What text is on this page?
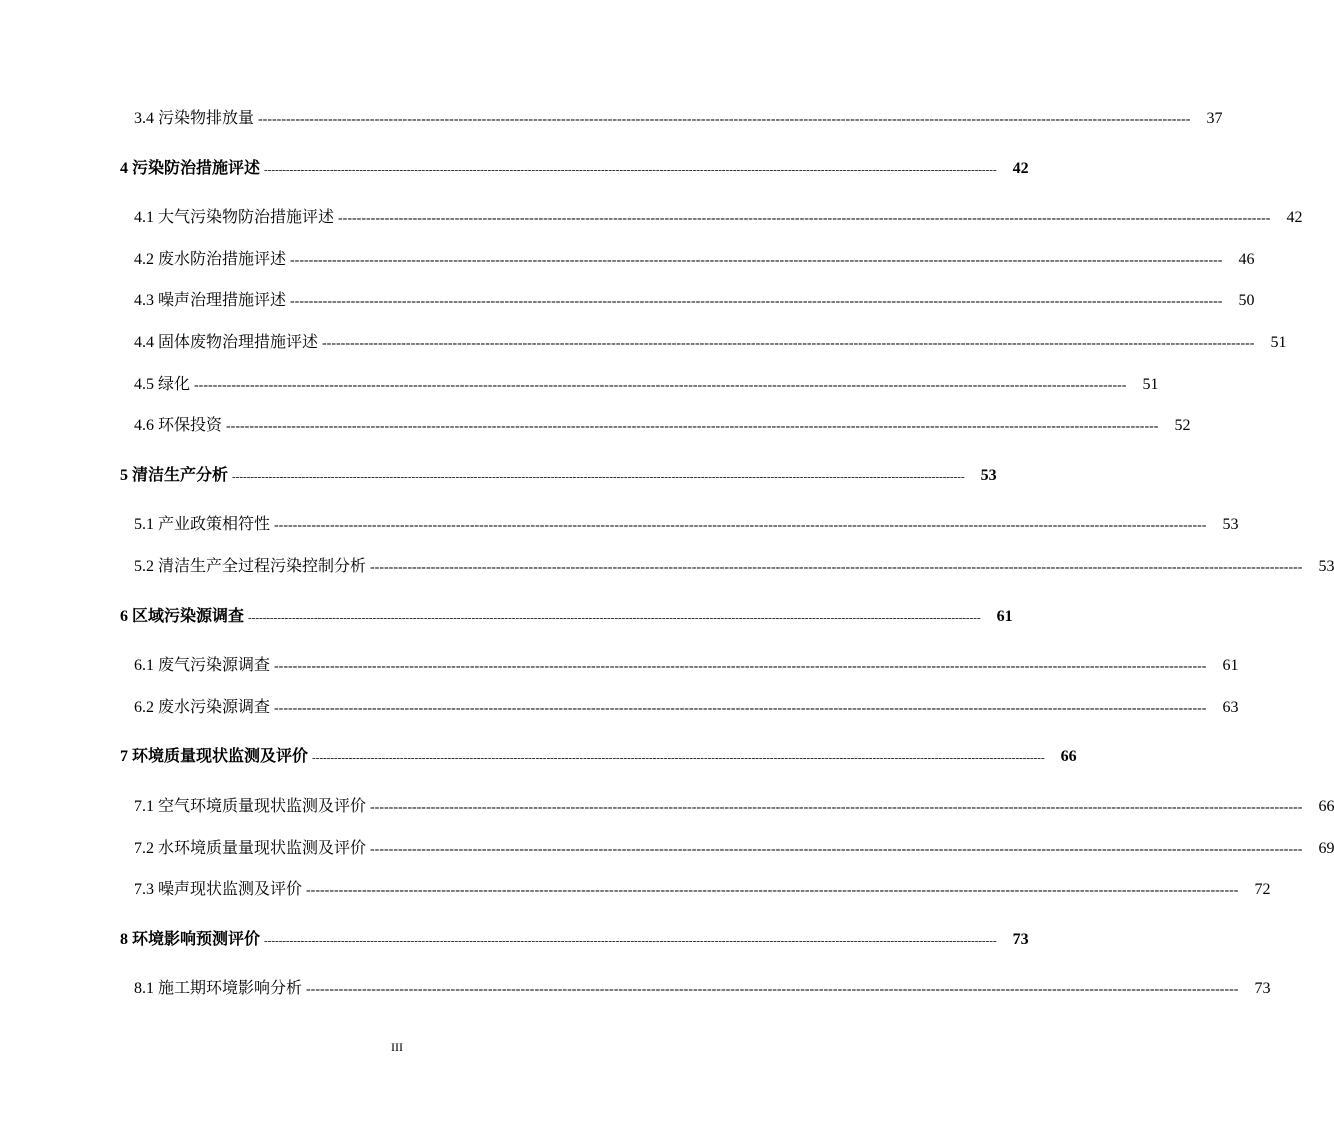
3.4 污染物排放量 --------------------------------------------------------------------------------------------------------------------------------------------------------------------------------------------------------	37
4 污染防治措施评述 --------------------------------------------------------------------------------------------------------------------------------------------------------------------------------------------------------	42
4.1 大气污染物防治措施评述 --------------------------------------------------------------------------------------------------------------------------------------------------------------------------------------------------------	42
4.2 废水防治措施评述 --------------------------------------------------------------------------------------------------------------------------------------------------------------------------------------------------------	46
4.3 噪声治理措施评述 --------------------------------------------------------------------------------------------------------------------------------------------------------------------------------------------------------	50
4.4 固体废物治理措施评述 --------------------------------------------------------------------------------------------------------------------------------------------------------------------------------------------------------	51
4.5 绿化 --------------------------------------------------------------------------------------------------------------------------------------------------------------------------------------------------------	51
4.6 环保投资 --------------------------------------------------------------------------------------------------------------------------------------------------------------------------------------------------------	52
5 清洁生产分析 --------------------------------------------------------------------------------------------------------------------------------------------------------------------------------------------------------	53
5.1 产业政策相符性 --------------------------------------------------------------------------------------------------------------------------------------------------------------------------------------------------------	53
5.2 清洁生产全过程污染控制分析 --------------------------------------------------------------------------------------------------------------------------------------------------------------------------------------------------------	53
6 区域污染源调查 --------------------------------------------------------------------------------------------------------------------------------------------------------------------------------------------------------	61
6.1 废气污染源调查 --------------------------------------------------------------------------------------------------------------------------------------------------------------------------------------------------------	61
6.2 废水污染源调查 --------------------------------------------------------------------------------------------------------------------------------------------------------------------------------------------------------	63
7 环境质量现状监测及评价 --------------------------------------------------------------------------------------------------------------------------------------------------------------------------------------------------------	66
7.1 空气环境质量现状监测及评价 --------------------------------------------------------------------------------------------------------------------------------------------------------------------------------------------------------	66
7.2 水环境质量量现状监测及评价 --------------------------------------------------------------------------------------------------------------------------------------------------------------------------------------------------------	69
7.3 噪声现状监测及评价 --------------------------------------------------------------------------------------------------------------------------------------------------------------------------------------------------------	72
8 环境影响预测评价 --------------------------------------------------------------------------------------------------------------------------------------------------------------------------------------------------------	73
8.1 施工期环境影响分析 --------------------------------------------------------------------------------------------------------------------------------------------------------------------------------------------------------	73
III
